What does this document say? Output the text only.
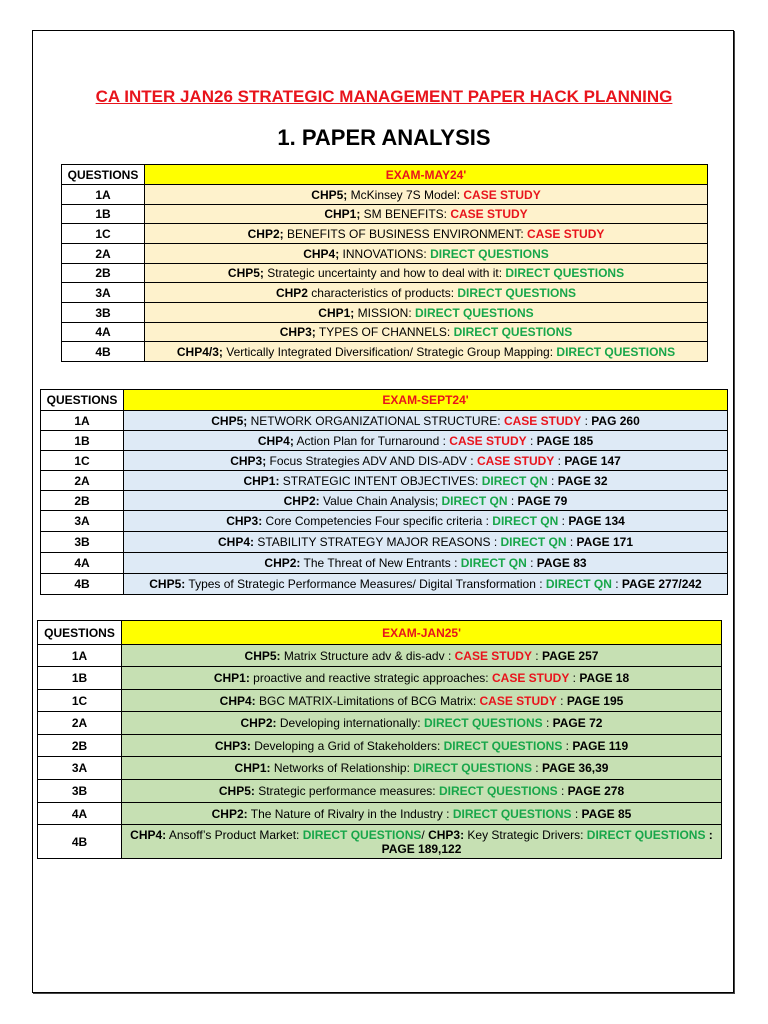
CA INTER JAN26 STRATEGIC MANAGEMENT PAPER HACK PLANNING
1. PAPER ANALYSIS
QUESTIONS	EXAM-MAY24'
1A	CHP5; McKinsey 7S Model: CASE STUDY
1B	CHP1; SM BENEFITS: CASE STUDY
1C	CHP2; BENEFITS OF BUSINESS ENVIRONMENT: CASE STUDY
2A	CHP4; INNOVATIONS: DIRECT QUESTIONS
2B	CHP5; Strategic uncertainty and how to deal with it: DIRECT QUESTIONS
3A	CHP2 characteristics of products: DIRECT QUESTIONS
3B	CHP1; MISSION: DIRECT QUESTIONS
4A	CHP3; TYPES OF CHANNELS: DIRECT QUESTIONS
4B	CHP4/3; Vertically Integrated Diversification/ Strategic Group Mapping: DIRECT QUESTIONS
QUESTIONS	EXAM-SEPT24'
1A	CHP5; NETWORK ORGANIZATIONAL STRUCTURE: CASE STUDY : PAG 260
1B	CHP4; Action Plan for Turnaround : CASE STUDY : PAGE 185
1C	CHP3; Focus Strategies ADV AND DIS-ADV : CASE STUDY : PAGE 147
2A	CHP1: STRATEGIC INTENT OBJECTIVES: DIRECT QN : PAGE 32
2B	CHP2: Value Chain Analysis; DIRECT QN : PAGE 79
3A	CHP3: Core Competencies Four specific criteria : DIRECT QN : PAGE 134
3B	CHP4: STABILITY STRATEGY MAJOR REASONS : DIRECT QN : PAGE 171
4A	CHP2: The Threat of New Entrants : DIRECT QN : PAGE 83
4B	CHP5: Types of Strategic Performance Measures/ Digital Transformation : DIRECT QN : PAGE 277/242
QUESTIONS	EXAM-JAN25'
1A	CHP5: Matrix Structure adv & dis-adv : CASE STUDY : PAGE 257
1B	CHP1: proactive and reactive strategic approaches: CASE STUDY : PAGE 18
1C	CHP4: BGC MATRIX-Limitations of BCG Matrix: CASE STUDY : PAGE 195
2A	CHP2: Developing internationally: DIRECT QUESTIONS : PAGE 72
2B	CHP3: Developing a Grid of Stakeholders: DIRECT QUESTIONS : PAGE 119
3A	CHP1: Networks of Relationship: DIRECT QUESTIONS : PAGE 36,39
3B	CHP5: Strategic performance measures: DIRECT QUESTIONS : PAGE 278
4A	CHP2: The Nature of Rivalry in the Industry : DIRECT QUESTIONS : PAGE 85
4B	CHP4: Ansoff’s Product Market: DIRECT QUESTIONS/ CHP3: Key Strategic Drivers: DIRECT QUESTIONS : PAGE 189,122
